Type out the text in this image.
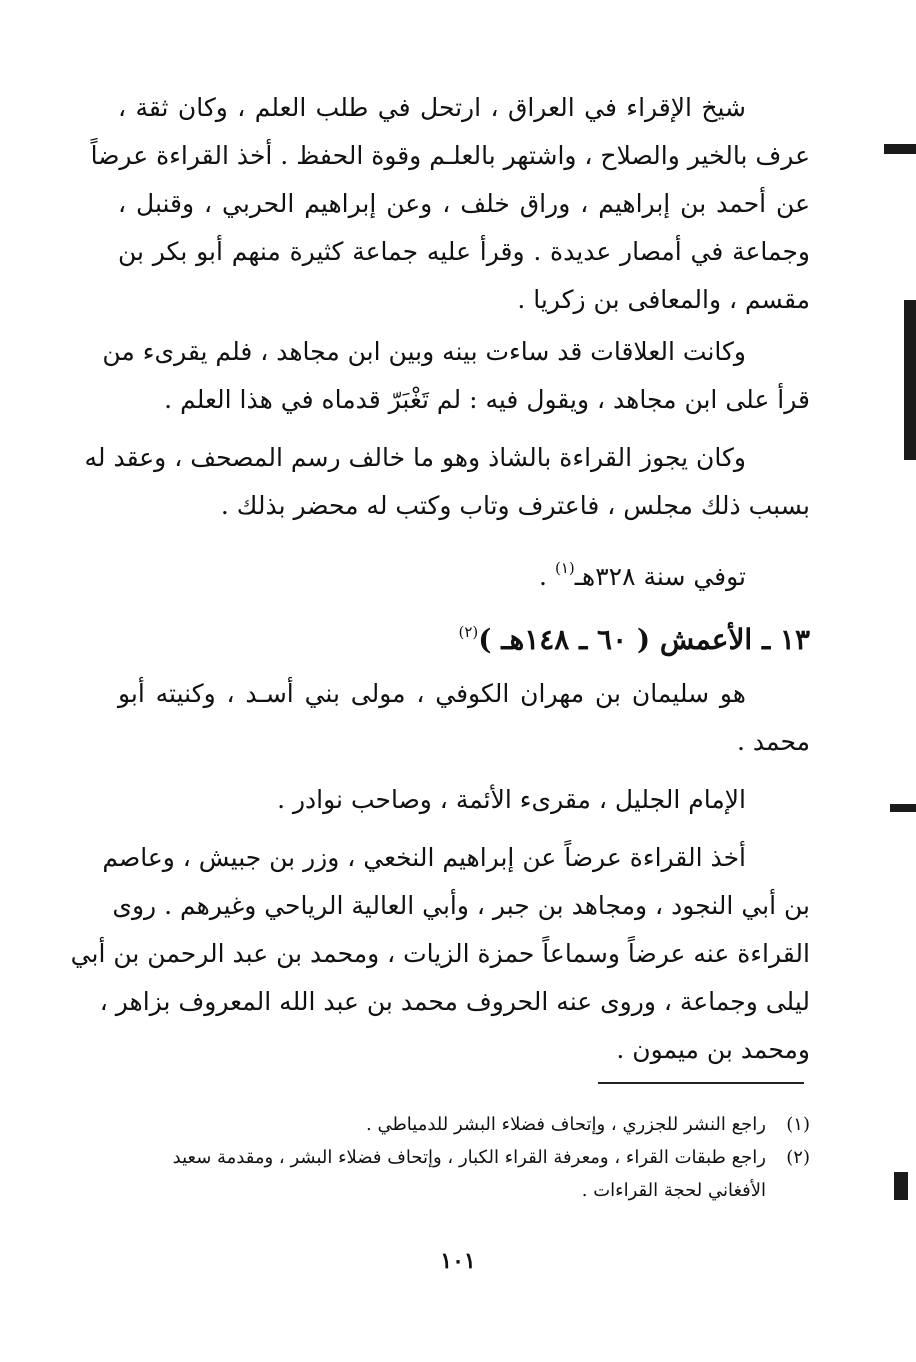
شيخ الإقراء في العراق ، ارتحل في طلب العلم ، وكان ثقة ،
عرف بالخير والصلاح ، واشتهر بالعلـم وقوة الحفظ . أخذ القراءة عرضاً
عن أحمد بن إبراهيم ، وراق خلف ، وعن إبراهيم الحربي ، وقنبل ،
وجماعة في أمصار عديدة . وقرأ عليه جماعة كثيرة منهم أبو بكر بن
مقسم ، والمعافى بن زكريا .
وكانت العلاقات قد ساءت بينه وبين ابن مجاهد ، فلم يقرىء من
قرأ على ابن مجاهد ، ويقول فيه : لم تَغْبَرّ قدماه في هذا العلم .
وكان يجوز القراءة بالشاذ وهو ما خالف رسم المصحف ، وعقد له
بسبب ذلك مجلس ، فاعترف وتاب وكتب له محضر بذلك .
توفي سنة ٣٢٨هـ$^{(١)}$ .
١٣ ـ الأعمش ( ٦٠ ـ ١٤٨هـ )$^{(٢)}$
هو سليمان بن مهران الكوفي ، مولى بني أسـد ، وكنيته أبو
محمد .
الإمام الجليل ، مقرىء الأئمة ، وصاحب نوادر .
أخذ القراءة عرضاً عن إبراهيم النخعي ، وزر بن جبيش ، وعاصم
بن أبي النجود ، ومجاهد بن جبر ، وأبي العالية الرياحي وغيرهم . روى
القراءة عنه عرضاً وسماعاً حمزة الزيات ، ومحمد بن عبد الرحمن بن أبي
ليلى وجماعة ، وروى عنه الحروف محمد بن عبد الله المعروف بزاهر ،
ومحمد بن ميمون .
(١)راجع النشر للجزري ، وإتحاف فضلاء البشر للدمياطي .
(٢)راجع طبقات القراء ، ومعرفة القراء الكبار ، وإتحاف فضلاء البشر ، ومقدمة سعيد
الأفغاني لحجة القراءات .
١٠١
